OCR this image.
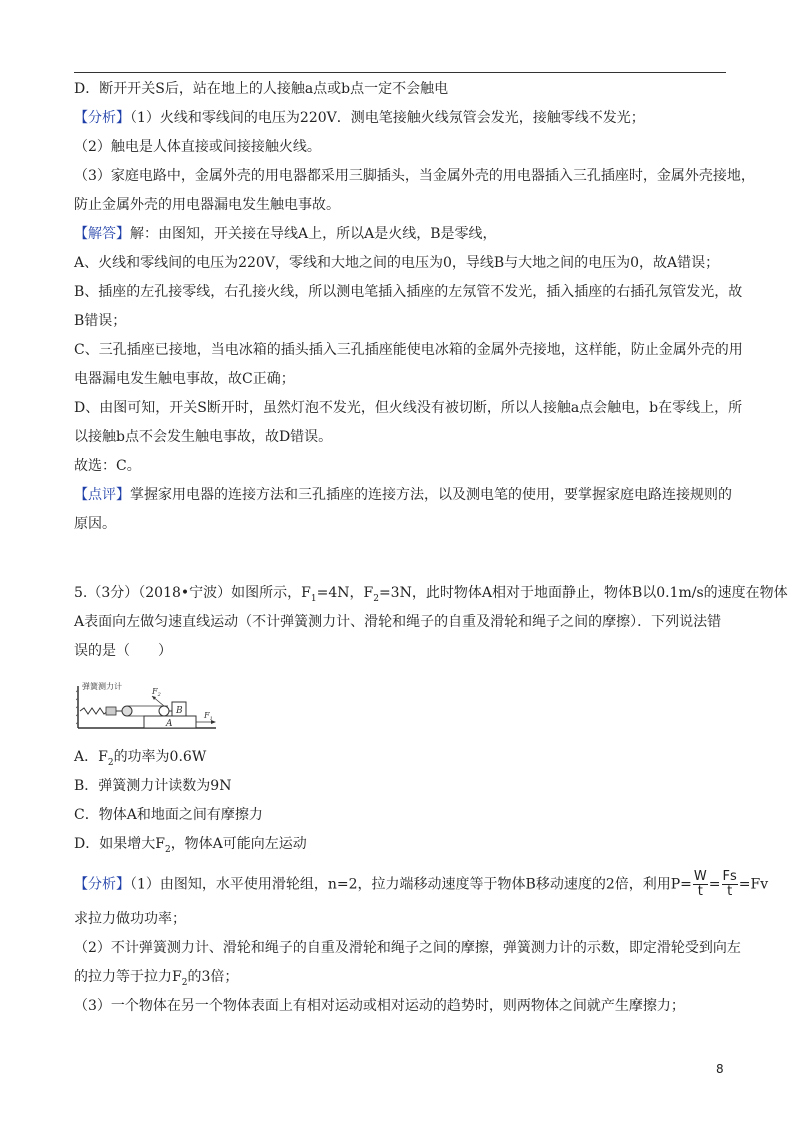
D．断开开关S后，站在地上的人接触a点或b点一定不会触电
【分析】（1）火线和零线间的电压为220V．测电笔接触火线氖管会发光，接触零线不发光；
（2）触电是人体直接或间接接触火线。
（3）家庭电路中，金属外壳的用电器都采用三脚插头，当金属外壳的用电器插入三孔插座时，金属外壳接地，
防止金属外壳的用电器漏电发生触电事故。
【解答】解：由图知，开关接在导线A上，所以A是火线，B是零线，
A、火线和零线间的电压为220V，零线和大地之间的电压为0，导线B与大地之间的电压为0，故A错误；
B、插座的左孔接零线，右孔接火线，所以测电笔插入插座的左氖管不发光，插入插座的右插孔氖管发光，故
B错误；
C、三孔插座已接地，当电冰箱的插头插入三孔插座能使电冰箱的金属外壳接地，这样能，防止金属外壳的用
电器漏电发生触电事故，故C正确；
D、由图可知，开关S断开时，虽然灯泡不发光，但火线没有被切断，所以人接触a点会触电，b在零线上，所
以接触b点不会发生触电事故，故D错误。
故选：C。
【点评】掌握家用电器的连接方法和三孔插座的连接方法，以及测电笔的使用，要掌握家庭电路连接规则的
原因。
5.（3分）（2018•宁波）如图所示，$F_1=4N$，$F_2=3N$，此时物体A相对于地面静止，物体B以0.1m/s的速度在物体
A表面向左做匀速直线运动（不计弹簧测力计、滑轮和绳子的自重及滑轮和绳子之间的摩擦）．下列说法错
误的是（　　）
弹簧测力计
B
A
$F_2$
$F_1$
A．$F_2$的功率为0.6W
B．弹簧测力计读数为9N
C．物体A和地面之间有摩擦力
D．如果增大$F_2$，物体A可能向左运动
【分析】（1）由图知，水平使用滑轮组，n=2，拉力端移动速度等于物体B移动速度的2倍，利用$P= \frac{W}{t} = \frac{Fs}{t} =Fv$
求拉力做功功率；
（2）不计弹簧测力计、滑轮和绳子的自重及滑轮和绳子之间的摩擦，弹簧测力计的示数，即定滑轮受到向左
的拉力等于拉力$F_2$的3倍；
（3）一个物体在另一个物体表面上有相对运动或相对运动的趋势时，则两物体之间就产生摩擦力；
8
